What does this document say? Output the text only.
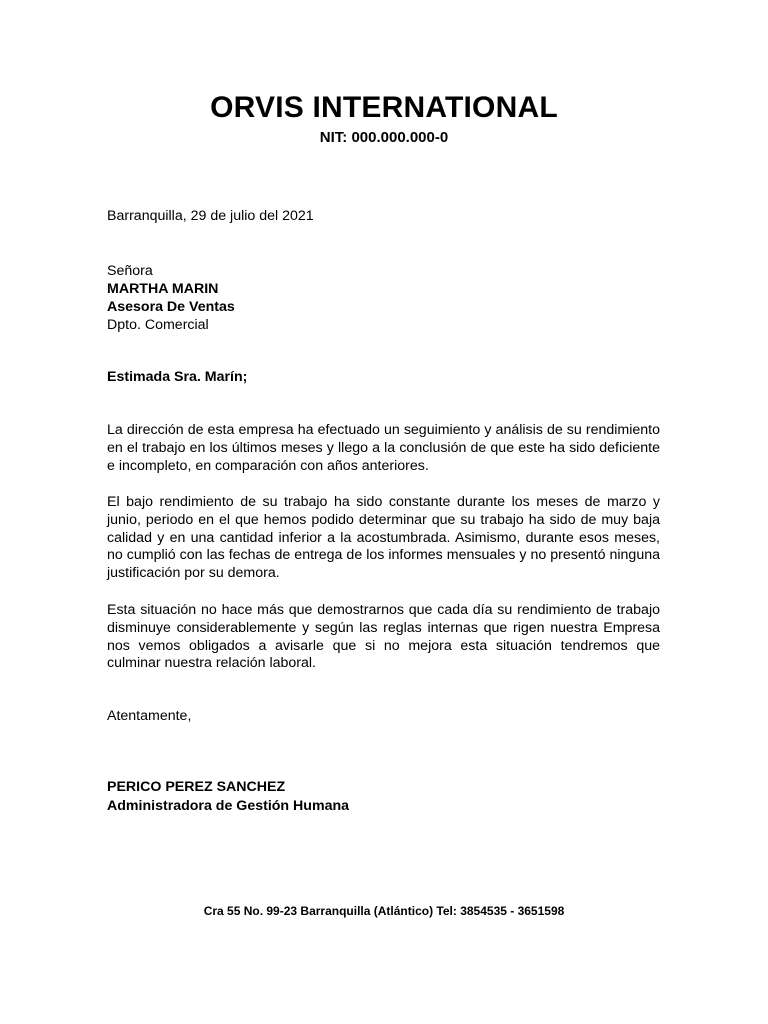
ORVIS INTERNATIONAL
NIT: 000.000.000-0
Barranquilla, 29 de julio del 2021
Señora
MARTHA MARIN
Asesora De Ventas
Dpto. Comercial
Estimada Sra. Marín;

La dirección de esta empresa ha efectuado un seguimiento y análisis de su rendimiento en el trabajo en los últimos meses y llego a la conclusión de que este ha sido deficiente e incompleto, en comparación con años anteriores.

El bajo rendimiento de su trabajo ha sido constante durante los meses de marzo y junio, periodo en el que hemos podido determinar que su trabajo ha sido de muy baja calidad y en una cantidad inferior a la acostumbrada. Asimismo, durante esos meses, no cumplió con las fechas de entrega de los informes mensuales y no presentó ninguna justificación por su demora.

Esta situación no hace más que demostrarnos que cada día su rendimiento de trabajo disminuye considerablemente y según las reglas internas que rigen nuestra Empresa nos vemos obligados a avisarle que si no mejora esta situación tendremos que culminar nuestra relación laboral.

Atentamente,
PERICO PEREZ SANCHEZ
Administradora de Gestión Humana
Cra 55 No. 99-23 Barranquilla (Atlántico) Tel: 3854535 - 3651598
